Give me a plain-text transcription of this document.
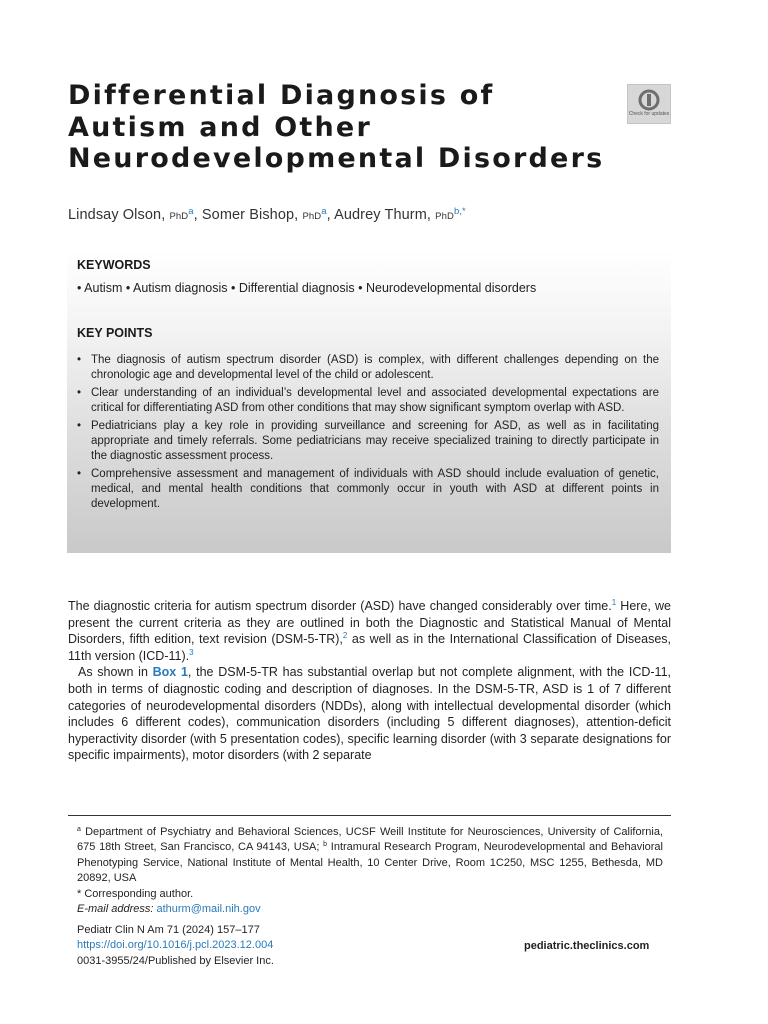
Differential Diagnosis of
Autism and Other
Neurodevelopmental Disorders
Check for updates
Lindsay Olson, PhD$^a$, Somer Bishop, PhD$^a$, Audrey Thurm, PhD$^{b,*}$
KEYWORDS
• Autism • Autism diagnosis • Differential diagnosis • Neurodevelopmental disorders
KEY POINTS
• The diagnosis of autism spectrum disorder (ASD) is complex, with different challenges depending on the chronologic age and developmental level of the child or adolescent.
• Clear understanding of an individual’s developmental level and associated developmental expectations are critical for differentiating ASD from other conditions that may show significant symptom overlap with ASD.
• Pediatricians play a key role in providing surveillance and screening for ASD, as well as in facilitating appropriate and timely referrals. Some pediatricians may receive specialized training to directly participate in the diagnostic assessment process.
• Comprehensive assessment and management of individuals with ASD should include evaluation of genetic, medical, and mental health conditions that commonly occur in youth with ASD at different points in development.

The diagnostic criteria for autism spectrum disorder (ASD) have changed considerably over time.$^1$ Here, we present the current criteria as they are outlined in both the Diagnostic and Statistical Manual of Mental Disorders, fifth edition, text revision (DSM-5-TR),$^2$ as well as in the International Classification of Diseases, 11th version (ICD-11).$^3$

As shown in Box 1, the DSM-5-TR has substantial overlap but not complete alignment, with the ICD-11, both in terms of diagnostic coding and description of diagnoses. In the DSM-5-TR, ASD is 1 of 7 different categories of neurodevelopmental disorders (NDDs), along with intellectual developmental disorder (which includes 6 different codes), communication disorders (including 5 different diagnoses), attention-deficit hyperactivity disorder (with 5 presentation codes), specific learning disorder (with 3 separate designations for specific impairments), motor disorders (with 2 separate

$^a$ Department of Psychiatry and Behavioral Sciences, UCSF Weill Institute for Neurosciences, University of California, 675 18th Street, San Francisco, CA 94143, USA; $^b$ Intramural Research Program, Neurodevelopmental and Behavioral Phenotyping Service, National Institute of Mental Health, 10 Center Drive, Room 1C250, MSC 1255, Bethesda, MD 20892, USA

* Corresponding author.

E-mail address: athurm@mail.nih.gov

Pediatr Clin N Am 71 (2024) 157–177
https://doi.org/10.1016/j.pcl.2023.12.004
0031-3955/24/Published by Elsevier Inc.
pediatric.theclinics.com
